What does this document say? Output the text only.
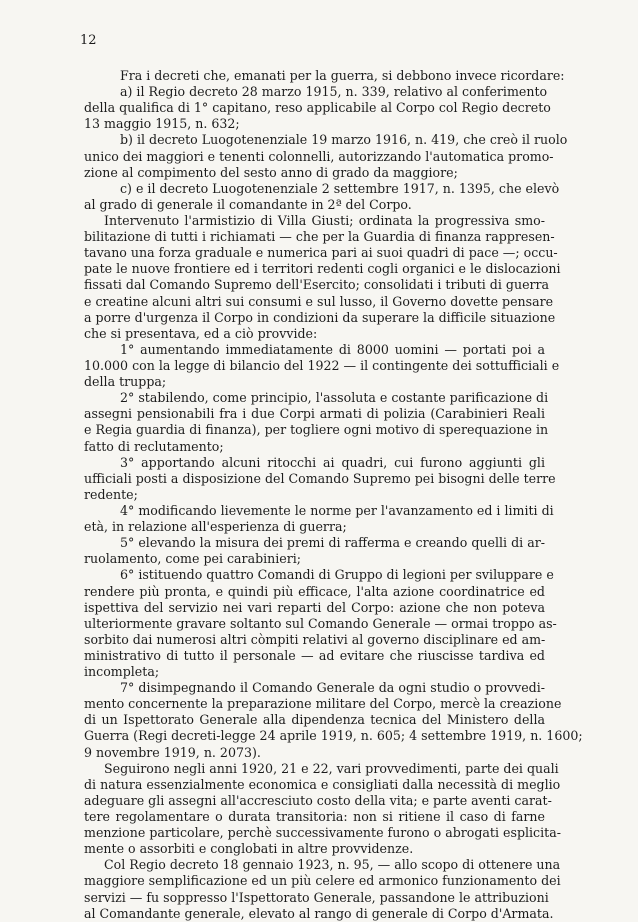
12
Fra i decreti che, emanati per la guerra, si debbono invece ricordare:
a) il Regio decreto 28 marzo 1915, n. 339, relativo al conferimento
della qualifica di 1° capitano, reso applicabile al Corpo col Regio decreto
13 maggio 1915, n. 632;
b) il decreto Luogotenenziale 19 marzo 1916, n. 419, che creò il ruolo
unico dei maggiori e tenenti colonnelli, autorizzando l'automatica promo-
zione al compimento del sesto anno di grado da maggiore;
c) e il decreto Luogotenenziale 2 settembre 1917, n. 1395, che elevò
al grado di generale il comandante in 2ª del Corpo.
Intervenuto l'armistizio di Villa Giusti; ordinata la progressiva smo-
bilitazione di tutti i richiamati — che per la Guardia di finanza rappresen-
tavano una forza graduale e numerica pari ai suoi quadri di pace —; occu-
pate le nuove frontiere ed i territori redenti cogli organici e le dislocazioni
fissati dal Comando Supremo dell'Esercito; consolidati i tributi di guerra
e creatine alcuni altri sui consumi e sul lusso, il Governo dovette pensare
a porre d'urgenza il Corpo in condizioni da superare la difficile situazione
che si presentava, ed a ciò provvide:
1° aumentando immediatamente di 8000 uomini — portati poi a
10.000 con la legge di bilancio del 1922 — il contingente dei sottufficiali e
della truppa;
2° stabilendo, come principio, l'assoluta e costante parificazione di
assegni pensionabili fra i due Corpi armati di polizia (Carabinieri Reali
e Regia guardia di finanza), per togliere ogni motivo di sperequazione in
fatto di reclutamento;
3° apportando alcuni ritocchi ai quadri, cui furono aggiunti gli
ufficiali posti a disposizione del Comando Supremo pei bisogni delle terre
redente;
4° modificando lievemente le norme per l'avanzamento ed i limiti di
età, in relazione all'esperienza di guerra;
5° elevando la misura dei premi di rafferma e creando quelli di ar-
ruolamento, come pei carabinieri;
6° istituendo quattro Comandi di Gruppo di legioni per sviluppare e
rendere più pronta, e quindi più efficace, l'alta azione coordinatrice ed
ispettiva del servizio nei vari reparti del Corpo: azione che non poteva
ulteriormente gravare soltanto sul Comando Generale — ormai troppo as-
sorbito dai numerosi altri còmpiti relativi al governo disciplinare ed am-
ministrativo di tutto il personale — ad evitare che riuscisse tardiva ed
incompleta;
7° disimpegnando il Comando Generale da ogni studio o provvedi-
mento concernente la preparazione militare del Corpo, mercè la creazione
di un Ispettorato Generale alla dipendenza tecnica del Ministero della
Guerra (Regi decreti-legge 24 aprile 1919, n. 605; 4 settembre 1919, n. 1600;
9 novembre 1919, n. 2073).
Seguirono negli anni 1920, 21 e 22, vari provvedimenti, parte dei quali
di natura essenzialmente economica e consigliati dalla necessità di meglio
adeguare gli assegni all'accresciuto costo della vita; e parte aventi carat-
tere regolamentare o durata transitoria: non si ritiene il caso di farne
menzione particolare, perchè successivamente furono o abrogati esplicita-
mente o assorbiti e conglobati in altre provvidenze.
Col Regio decreto 18 gennaio 1923, n. 95, — allo scopo di ottenere una
maggiore semplificazione ed un più celere ed armonico funzionamento dei
servizi — fu soppresso l'Ispettorato Generale, passandone le attribuzioni
al Comandante generale, elevato al rango di generale di Corpo d'Armata.
